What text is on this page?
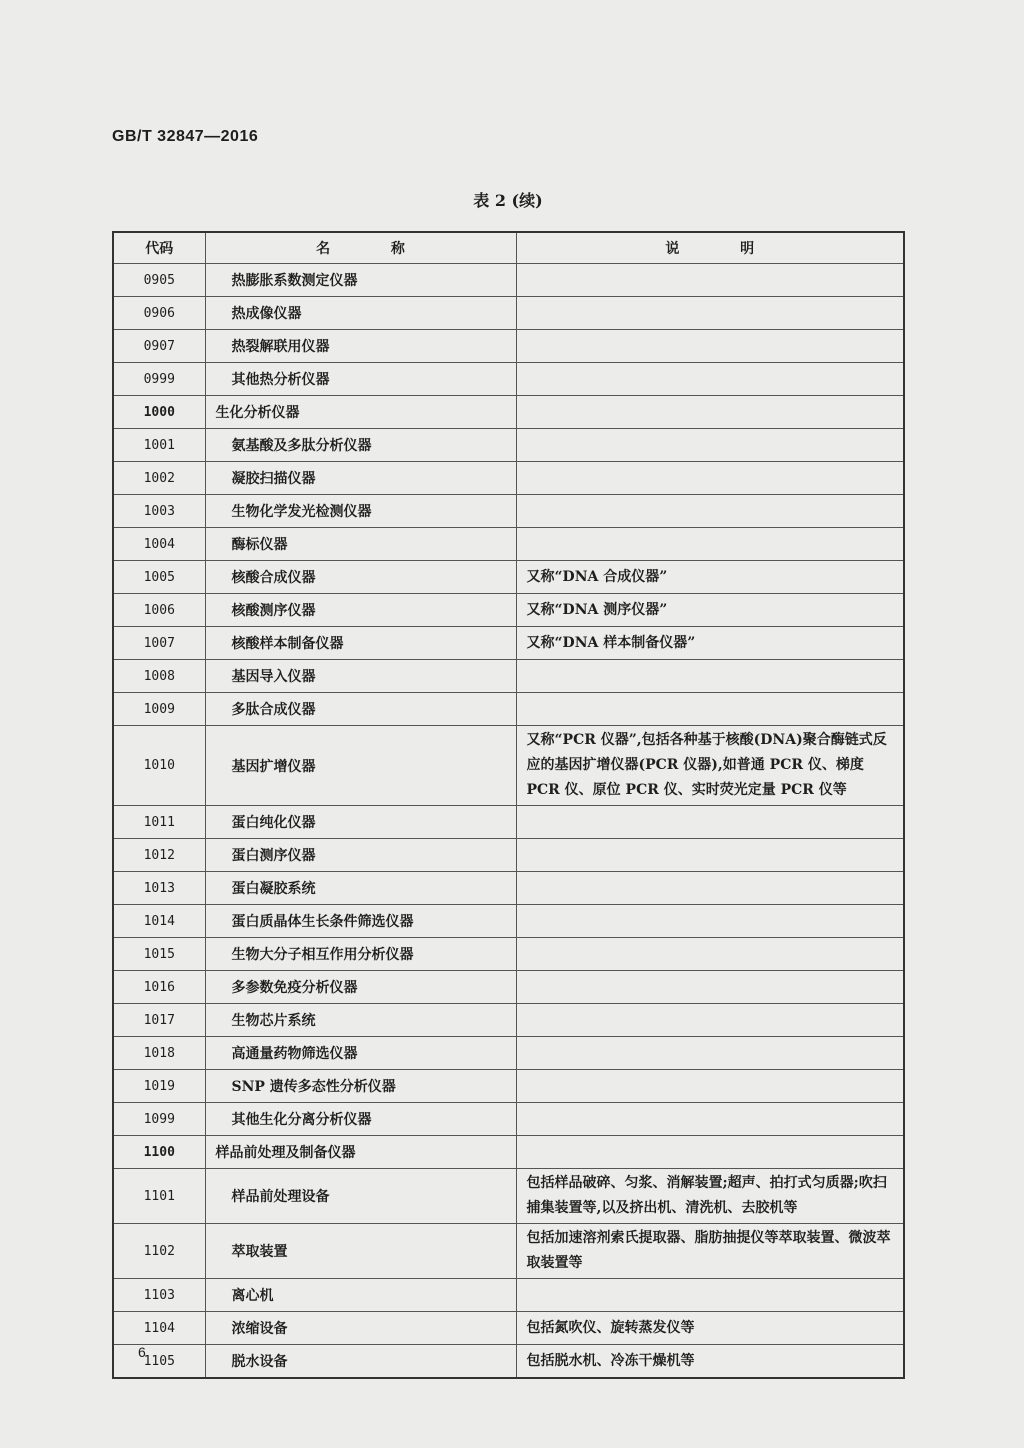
GB/T 32847—2016
表 2 (续)
代码	名 称	说 明
0905	热膨胀系数测定仪器	
0906	热成像仪器	
0907	热裂解联用仪器	
0999	其他热分析仪器	
1000	生化分析仪器	
1001	氨基酸及多肽分析仪器	
1002	凝胶扫描仪器	
1003	生物化学发光检测仪器	
1004	酶标仪器	
1005	核酸合成仪器	又称“DNA 合成仪器”
1006	核酸测序仪器	又称“DNA 测序仪器”
1007	核酸样本制备仪器	又称“DNA 样本制备仪器”
1008	基因导入仪器	
1009	多肽合成仪器	
1010	基因扩增仪器	又称“PCR 仪器”,包括各种基于核酸(DNA)聚合酶链式反应的基因扩增仪器(PCR 仪器),如普通 PCR 仪、梯度 PCR 仪、原位 PCR 仪、实时荧光定量 PCR 仪等
1011	蛋白纯化仪器	
1012	蛋白测序仪器	
1013	蛋白凝胶系统	
1014	蛋白质晶体生长条件筛选仪器	
1015	生物大分子相互作用分析仪器	
1016	多参数免疫分析仪器	
1017	生物芯片系统	
1018	高通量药物筛选仪器	
1019	SNP 遗传多态性分析仪器	
1099	其他生化分离分析仪器	
1100	样品前处理及制备仪器	
1101	样品前处理设备	包括样品破碎、匀浆、消解装置;超声、拍打式匀质器;吹扫捕集装置等,以及挤出机、清洗机、去胶机等
1102	萃取装置	包括加速溶剂索氏提取器、脂肪抽提仪等萃取装置、微波萃取装置等
1103	离心机	
1104	浓缩设备	包括氮吹仪、旋转蒸发仪等
1105	脱水设备	包括脱水机、冷冻干燥机等
6
